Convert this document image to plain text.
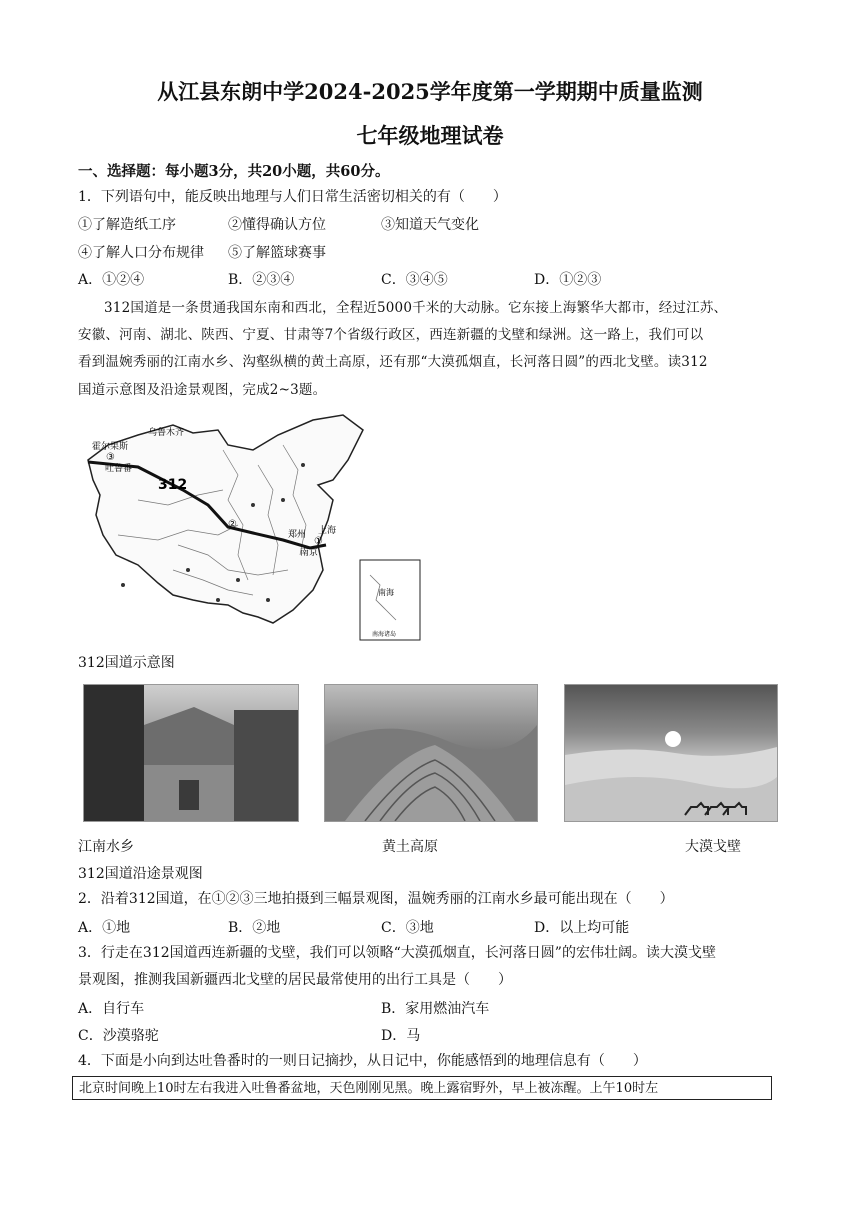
从江县东朗中学2024-2025学年度第一学期期中质量监测
七年级地理试卷
一、选择题：每小题3分，共20小题，共60分。
1．下列语句中，能反映出地理与人们日常生活密切相关的有（　　）
①了解造纸工序	②懂得确认方位	③知道天气变化
④了解人口分布规律 ⑤了解篮球赛事
A．①②④	B．②③④	C．③④⑤	D．①②③
312国道是一条贯通我国东南和西北，全程近5000千米的大动脉。它东接上海繁华大都市，经过江苏、
安徽、河南、湖北、陕西、宁夏、甘肃等7个省级行政区，西连新疆的戈壁和绿洲。这一路上，我们可以
看到温婉秀丽的江南水乡、沟壑纵横的黄土高原，还有那“大漠孤烟直，长河落日圆”的西北戈壁。读312
国道示意图及沿途景观图，完成2~3题。
霍尔果斯
乌鲁木齐
吐鲁番
郑州
南京
上海
312
③
②
①
南海
南海诸岛
312国道示意图
江南水乡	黄土高原	大漠戈壁
312国道沿途景观图
2．沿着312国道，在①②③三地拍摄到三幅景观图，温婉秀丽的江南水乡最可能出现在（　　）
A．①地	B．②地	C．③地	D．以上均可能
3．行走在312国道西连新疆的戈壁，我们可以领略“大漠孤烟直，长河落日圆”的宏伟壮阔。读大漠戈壁
景观图，推测我国新疆西北戈壁的居民最常使用的出行工具是（　　）
A．自行车	B．家用燃油汽车
C．沙漠骆驼	D．马
4．下面是小向到达吐鲁番时的一则日记摘抄，从日记中，你能感悟到的地理信息有（　　）
北京时间晚上10时左右我进入吐鲁番盆地，天色刚刚见黑。晚上露宿野外，早上被冻醒。上午10时左
